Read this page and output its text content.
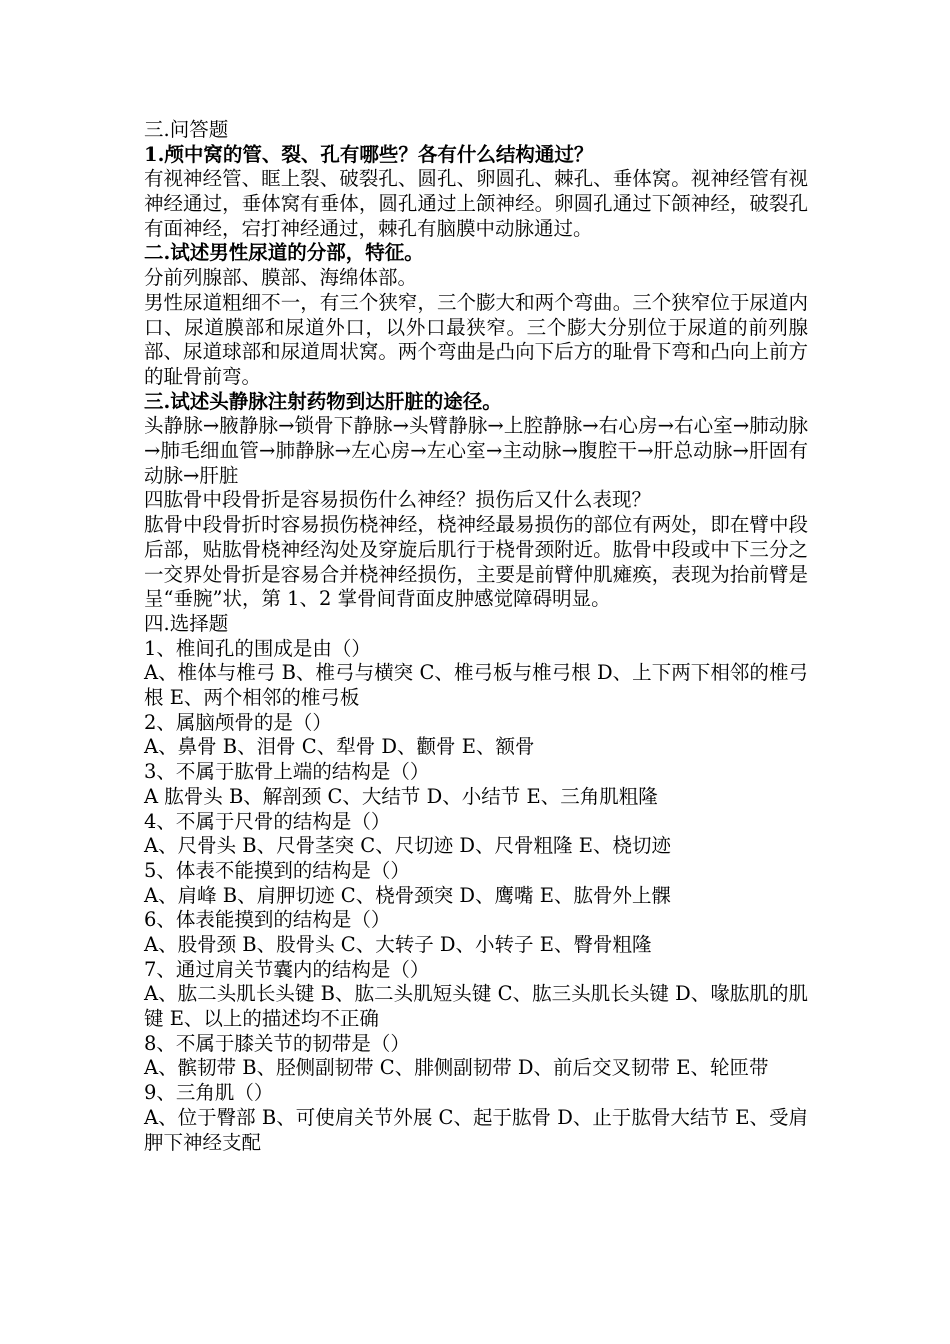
三.问答题
1.颅中窝的管、裂、孔有哪些？各有什么结构通过？
有视神经管、眶上裂、破裂孔、圆孔、卵圆孔、棘孔、垂体窝。视神经管有视神经通过，垂体窝有垂体，圆孔通过上颌神经。卵圆孔通过下颌神经，破裂孔有面神经，宕打神经通过，棘孔有脑膜中动脉通过。
二.试述男性尿道的分部，特征。
分前列腺部、膜部、海绵体部。
男性尿道粗细不一，有三个狭窄，三个膨大和两个弯曲。三个狭窄位于尿道内口、尿道膜部和尿道外口，以外口最狭窄。三个膨大分别位于尿道的前列腺部、尿道球部和尿道周状窝。两个弯曲是凸向下后方的耻骨下弯和凸向上前方的耻骨前弯。
三.试述头静脉注射药物到达肝脏的途径。
头静脉→腋静脉→锁骨下静脉→头臂静脉→上腔静脉→右心房→右心室→肺动脉→肺毛细血管→肺静脉→左心房→左心室→主动脉→腹腔干→肝总动脉→肝固有动脉→肝脏
四肱骨中段骨折是容易损伤什么神经？损伤后又什么表现？
肱骨中段骨折时容易损伤桡神经，桡神经最易损伤的部位有两处，即在臂中段后部，贴肱骨桡神经沟处及穿旋后肌行于桡骨颈附近。肱骨中段或中下三分之一交界处骨折是容易合并桡神经损伤，主要是前臂仲肌瘫痪，表现为抬前臂是呈“垂腕”状，第 1、2 掌骨间背面皮肿感觉障碍明显。
四.选择题
1、椎间孔的围成是由（）
A、椎体与椎弓 B、椎弓与横突 C、椎弓板与椎弓根 D、上下两下相邻的椎弓根 E、两个相邻的椎弓板
2、属脑颅骨的是（）
A、鼻骨 B、泪骨 C、犁骨 D、颧骨 E、额骨
3、不属于肱骨上端的结构是（）
A 肱骨头 B、解剖颈 C、大结节 D、小结节 E、三角肌粗隆
4、不属于尺骨的结构是（）
A、尺骨头 B、尺骨茎突 C、尺切迹 D、尺骨粗隆 E、桡切迹
5、体表不能摸到的结构是（）
A、肩峰 B、肩胛切迹 C、桡骨颈突 D、鹰嘴 E、肱骨外上髁
6、体表能摸到的结构是（）
A、股骨颈 B、股骨头 C、大转子 D、小转子 E、臀骨粗隆
7、通过肩关节囊内的结构是（）
A、肱二头肌长头键 B、肱二头肌短头键 C、肱三头肌长头键 D、喙肱肌的肌键 E、以上的描述均不正确
8、不属于膝关节的韧带是（）
A、髌韧带 B、胫侧副韧带 C、腓侧副韧带 D、前后交叉韧带 E、轮匝带
9、三角肌（）
A、位于臀部 B、可使肩关节外展 C、起于肱骨 D、止于肱骨大结节 E、受肩胛下神经支配
